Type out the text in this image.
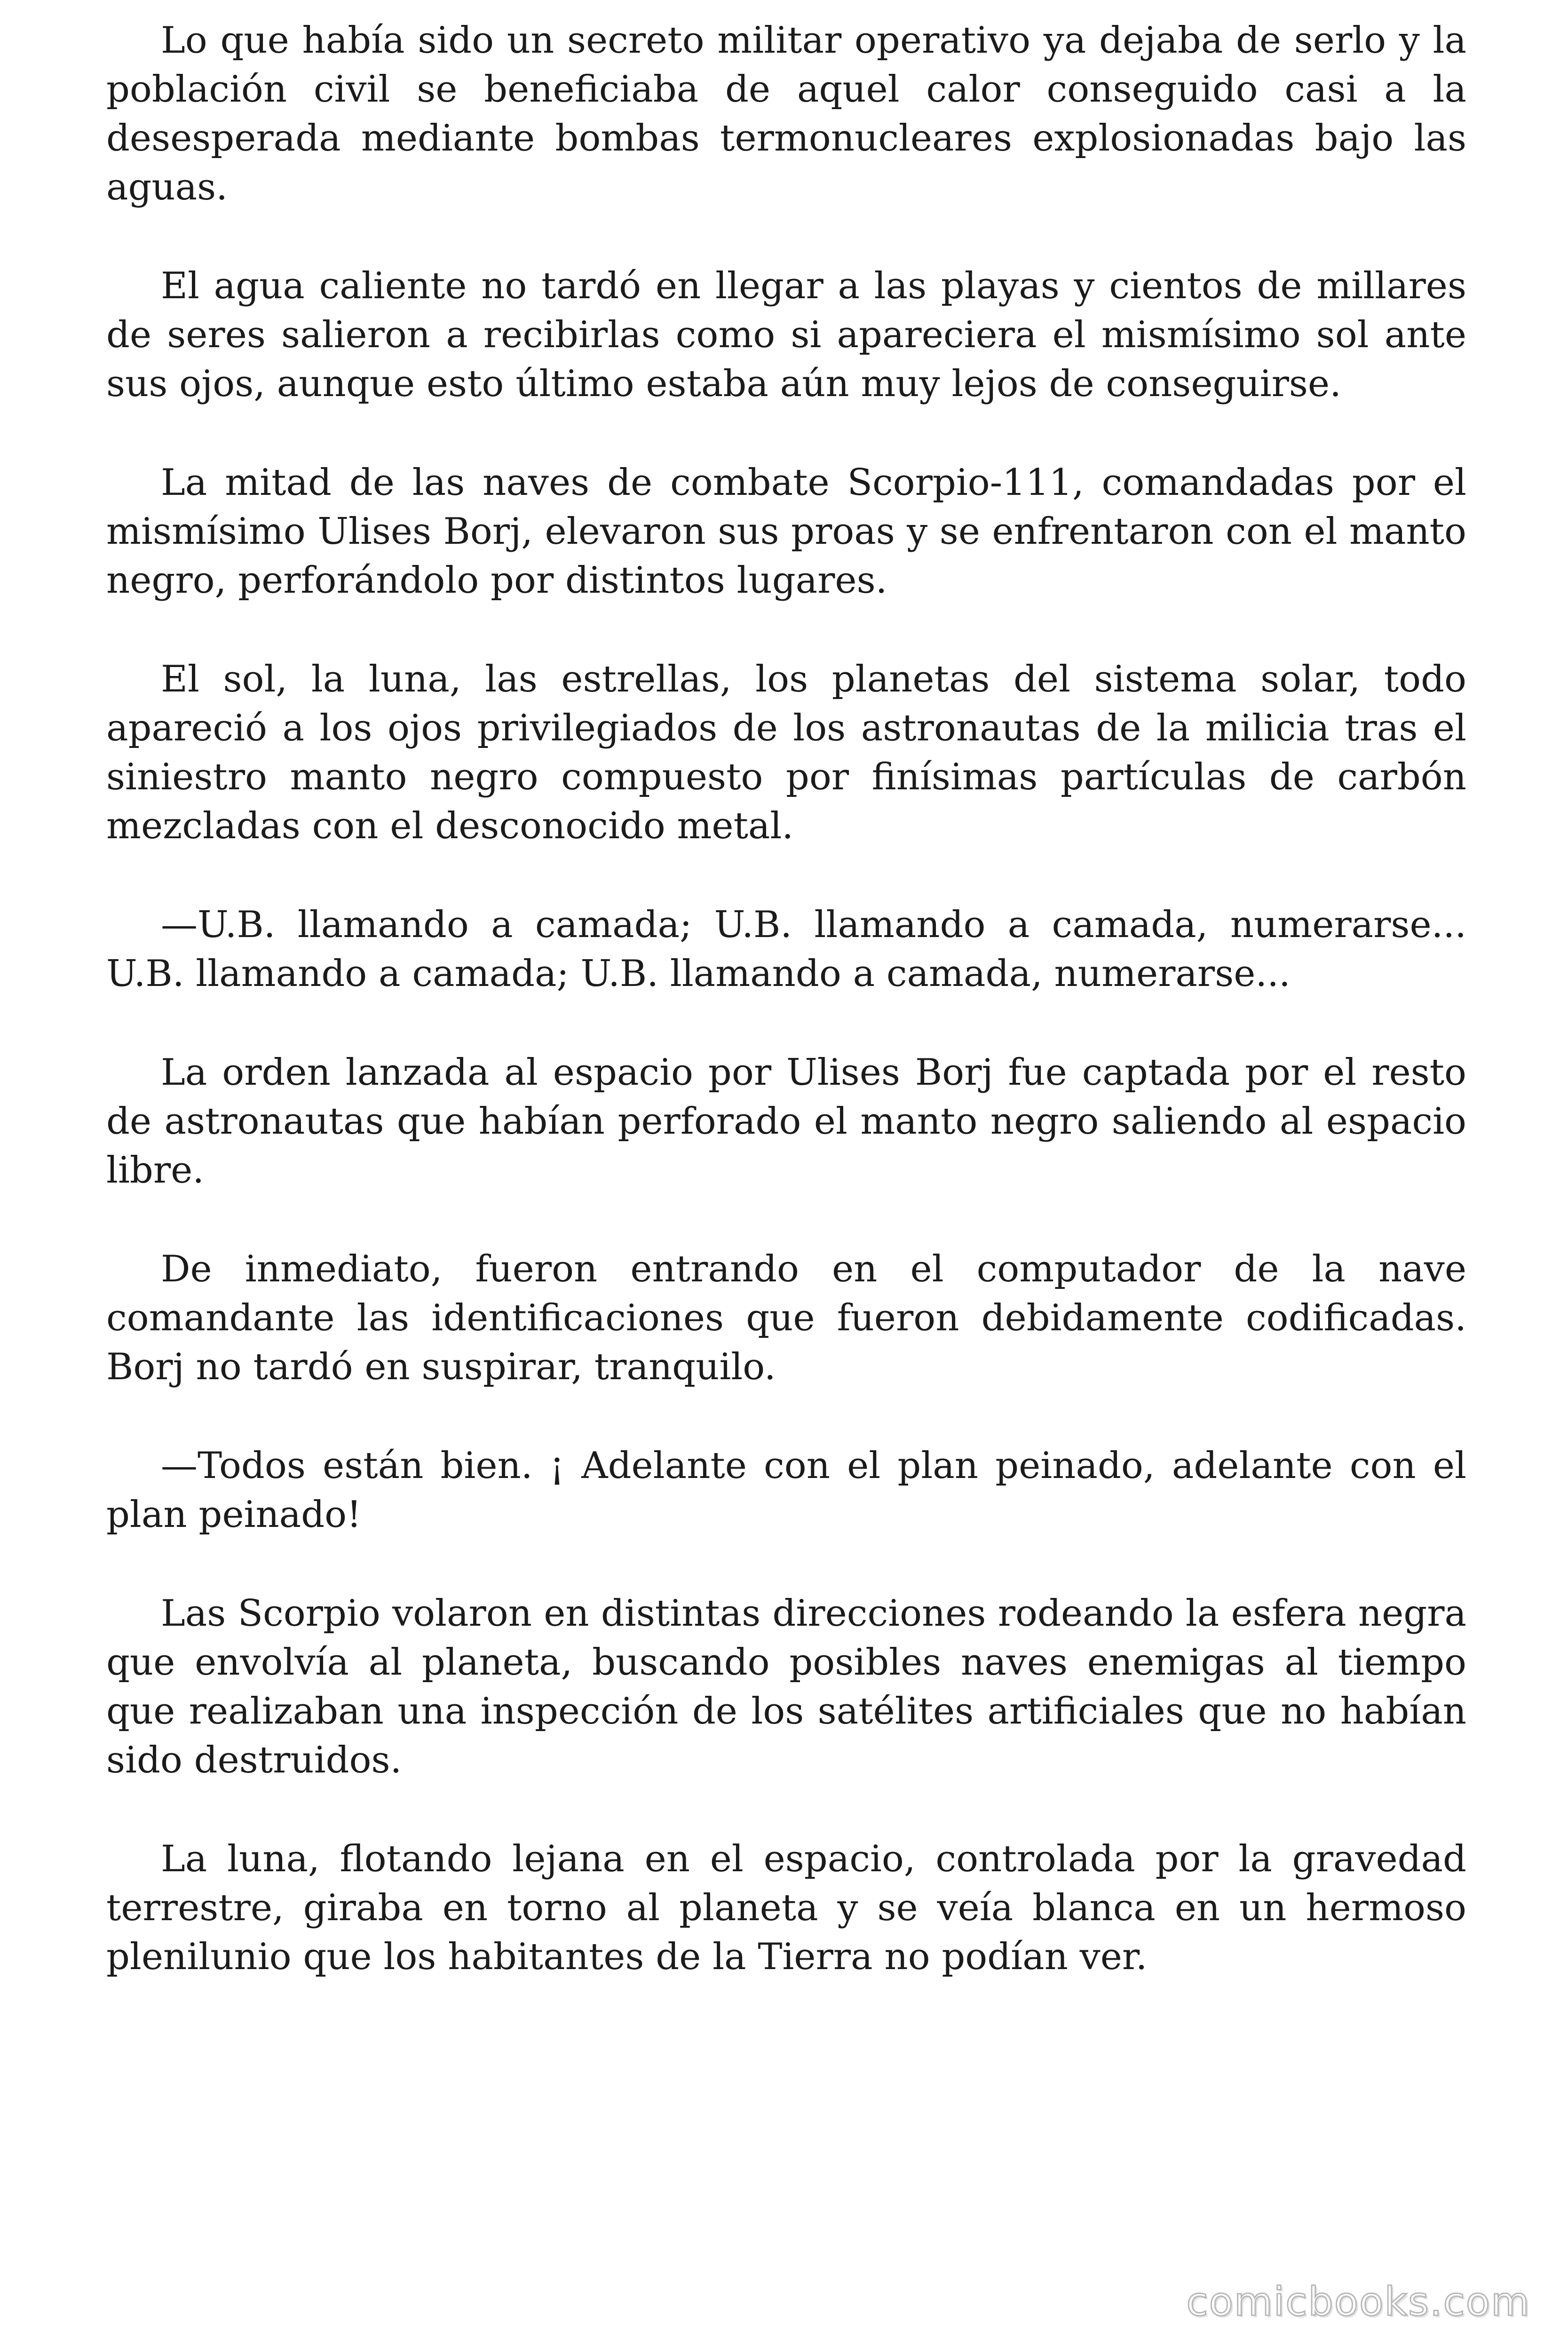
Lo que había sido un secreto militar operativo ya dejaba de serlo y la población civil se beneficiaba de aquel calor conseguido casi a la desesperada mediante bombas termonucleares explosionadas bajo las aguas.

El agua caliente no tardó en llegar a las playas y cientos de millares de seres salieron a recibirlas como si apareciera el mismísimo sol ante sus ojos, aunque esto último estaba aún muy lejos de conseguirse.

La mitad de las naves de combate Scorpio-111, comandadas por el mismísimo Ulises Borj, elevaron sus proas y se enfrentaron con el manto negro, perforándolo por distintos lugares.

El sol, la luna, las estrellas, los planetas del sistema solar, todo apareció a los ojos privilegiados de los astronautas de la milicia tras el siniestro manto negro compuesto por finísimas partículas de carbón mezcladas con el desconocido metal.

—U.B. llamando a camada; U.B. llamando a camada, numerarse... U.B. llamando a camada; U.B. llamando a camada, numerarse...

La orden lanzada al espacio por Ulises Borj fue captada por el resto de astronautas que habían perforado el manto negro saliendo al espacio libre.

De inmediato, fueron entrando en el computador de la nave comandante las identificaciones que fueron debidamente codificadas. Borj no tardó en suspirar, tranquilo.

—Todos están bien. ¡ Adelante con el plan peinado, adelante con el plan peinado!

Las Scorpio volaron en distintas direcciones rodeando la esfera negra que envolvía al planeta, buscando posibles naves enemigas al tiempo que realizaban una inspección de los satélites artificiales que no habían sido destruidos.

La luna, flotando lejana en el espacio, controlada por la gravedad terrestre, giraba en torno al planeta y se veía blanca en un hermoso plenilunio que los habitantes de la Tierra no podían ver.

comicbooks.com
